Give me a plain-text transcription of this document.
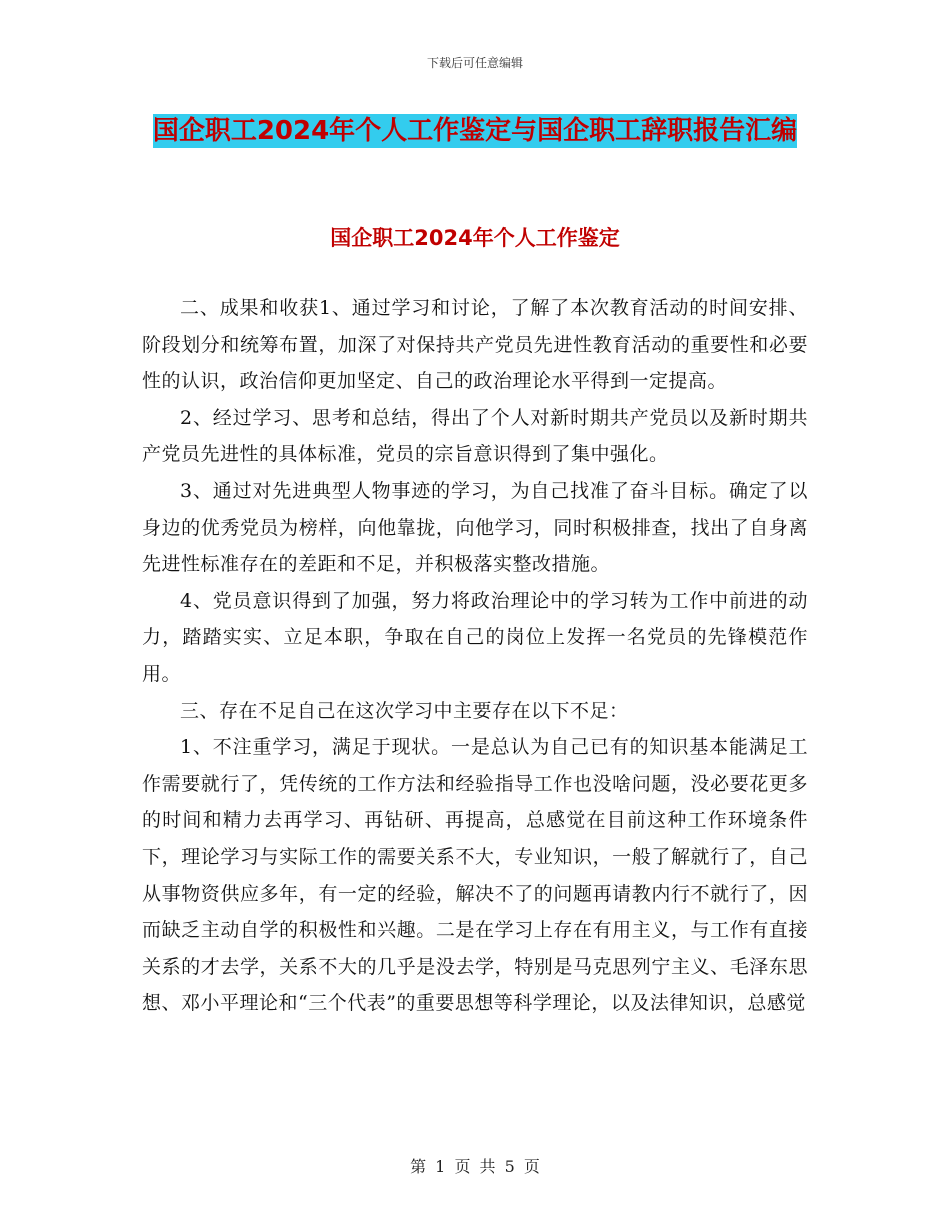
下载后可任意编辑
国企职工2024年个人工作鉴定与国企职工辞职报告汇编
国企职工2024年个人工作鉴定

二、成果和收获1、通过学习和讨论，了解了本次教育活动的时间安排、阶段划分和统筹布置，加深了对保持共产党员先进性教育活动的重要性和必要性的认识，政治信仰更加坚定、自己的政治理论水平得到一定提高。

2、经过学习、思考和总结，得出了个人对新时期共产党员以及新时期共产党员先进性的具体标准，党员的宗旨意识得到了集中强化。

3、通过对先进典型人物事迹的学习，为自己找准了奋斗目标。确定了以身边的优秀党员为榜样，向他靠拢，向他学习，同时积极排查，找出了自身离先进性标准存在的差距和不足，并积极落实整改措施。

4、党员意识得到了加强，努力将政治理论中的学习转为工作中前进的动力，踏踏实实、立足本职，争取在自己的岗位上发挥一名党员的先锋模范作用。

三、存在不足自己在这次学习中主要存在以下不足：

1、不注重学习，满足于现状。一是总认为自己已有的知识基本能满足工作需要就行了，凭传统的工作方法和经验指导工作也没啥问题，没必要花更多的时间和精力去再学习、再钻研、再提高，总感觉在目前这种工作环境条件下，理论学习与实际工作的需要关系不大，专业知识，一般了解就行了，自己从事物资供应多年，有一定的经验，解决不了的问题再请教内行不就行了，因而缺乏主动自学的积极性和兴趣。二是在学习上存在有用主义，与工作有直接关系的才去学，关系不大的几乎是没去学，特别是马克思列宁主义、毛泽东思想、邓小平理论和“三个代表”的重要思想等科学理论，以及法律知识，总感觉

第 1 页 共 5 页
